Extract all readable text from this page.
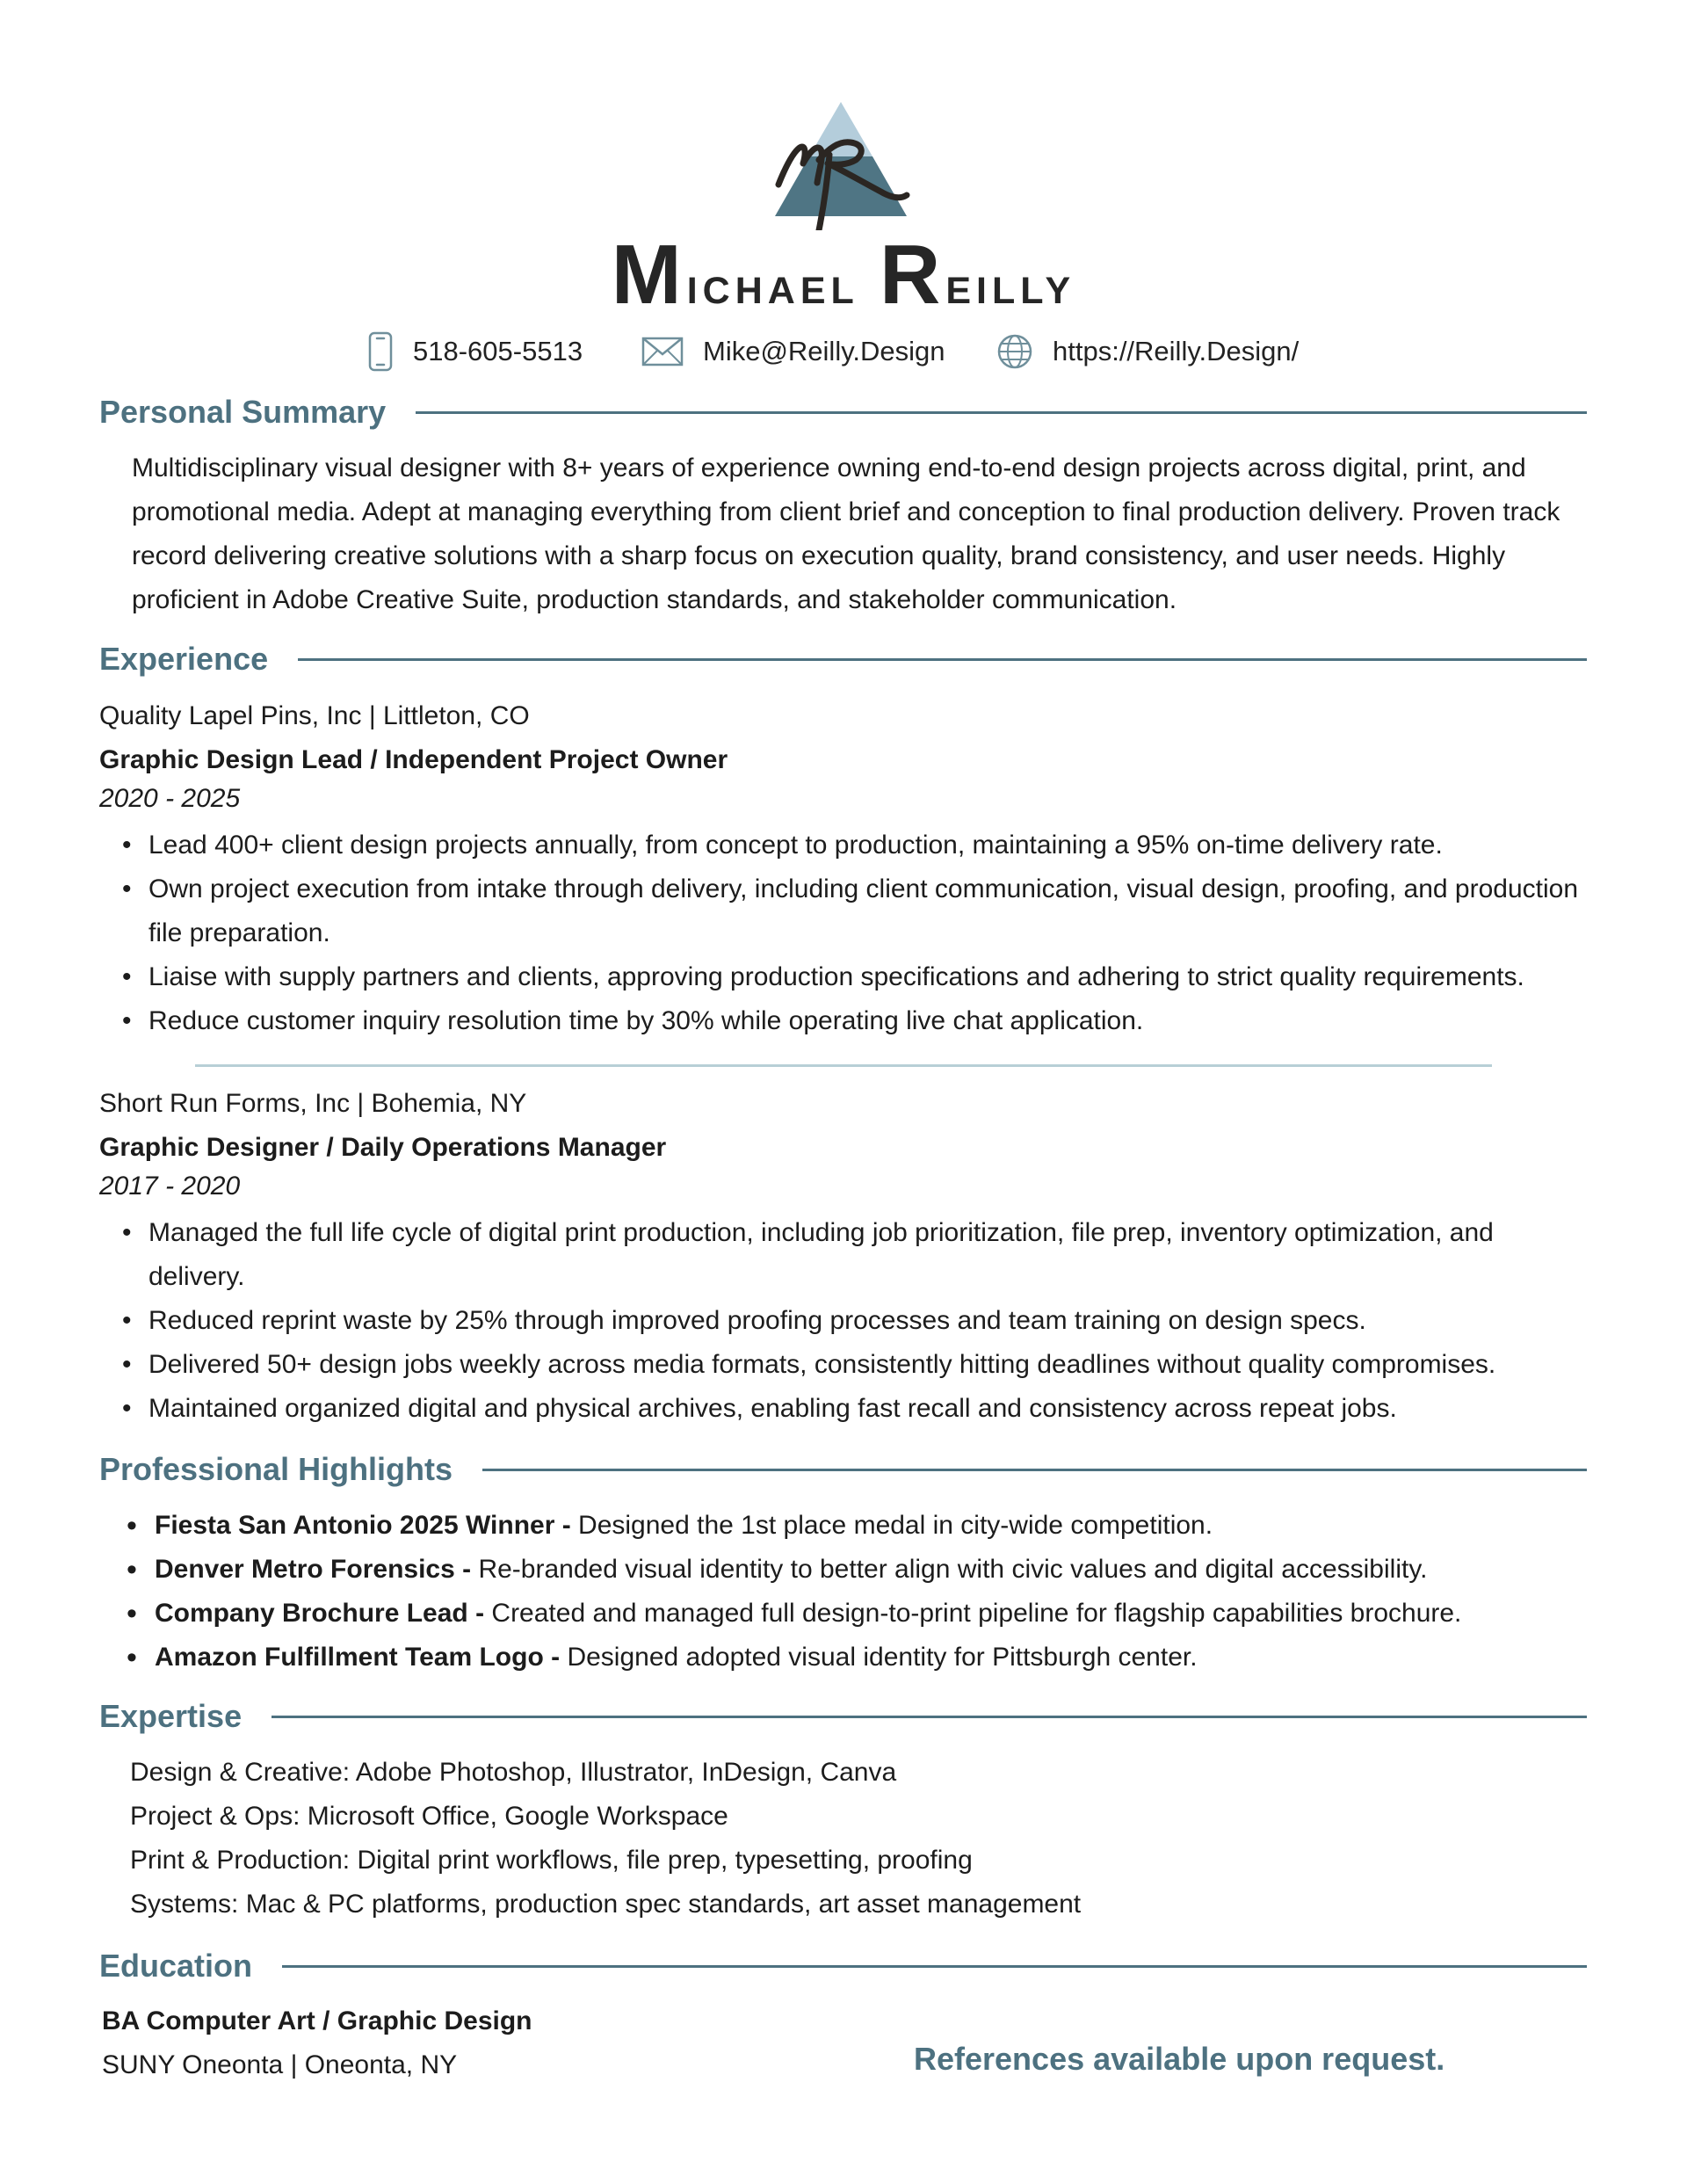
Michael Reilly
518-605-5513	Mike@Reilly.Design	https://Reilly.Design/
Personal Summary
Multidisciplinary visual designer with 8+ years of experience owning end-to-end design projects across digital, print, and promotional media. Adept at managing everything from client brief and conception to final production delivery. Proven track record delivering creative solutions with a sharp focus on execution quality, brand consistency, and user needs. Highly proficient in Adobe Creative Suite, production standards, and stakeholder communication.
Experience
Quality Lapel Pins, Inc | Littleton, CO
Graphic Design Lead / Independent Project Owner
2020 - 2025
• Lead 400+ client design projects annually, from concept to production, maintaining a 95% on-time delivery rate.
• Own project execution from intake through delivery, including client communication, visual design, proofing, and production file preparation.
• Liaise with supply partners and clients, approving production specifications and adhering to strict quality requirements.
• Reduce customer inquiry resolution time by 30% while operating live chat application.
Short Run Forms, Inc | Bohemia, NY
Graphic Designer / Daily Operations Manager
2017 - 2020
• Managed the full life cycle of digital print production, including job prioritization, file prep, inventory optimization, and delivery.
• Reduced reprint waste by 25% through improved proofing processes and team training on design specs.
• Delivered 50+ design jobs weekly across media formats, consistently hitting deadlines without quality compromises.
• Maintained organized digital and physical archives, enabling fast recall and consistency across repeat jobs.
Professional Highlights
• Fiesta San Antonio 2025 Winner - Designed the 1st place medal in city-wide competition.
• Denver Metro Forensics - Re-branded visual identity to better align with civic values and digital accessibility.
• Company Brochure Lead - Created and managed full design-to-print pipeline for flagship capabilities brochure.
• Amazon Fulfillment Team Logo - Designed adopted visual identity for Pittsburgh center.
Expertise
Design & Creative: Adobe Photoshop, Illustrator, InDesign, Canva
Project & Ops: Microsoft Office, Google Workspace
Print & Production: Digital print workflows, file prep, typesetting, proofing
Systems: Mac & PC platforms, production spec standards, art asset management
Education
BA Computer Art / Graphic Design
SUNY Oneonta | Oneonta, NY	References available upon request.
